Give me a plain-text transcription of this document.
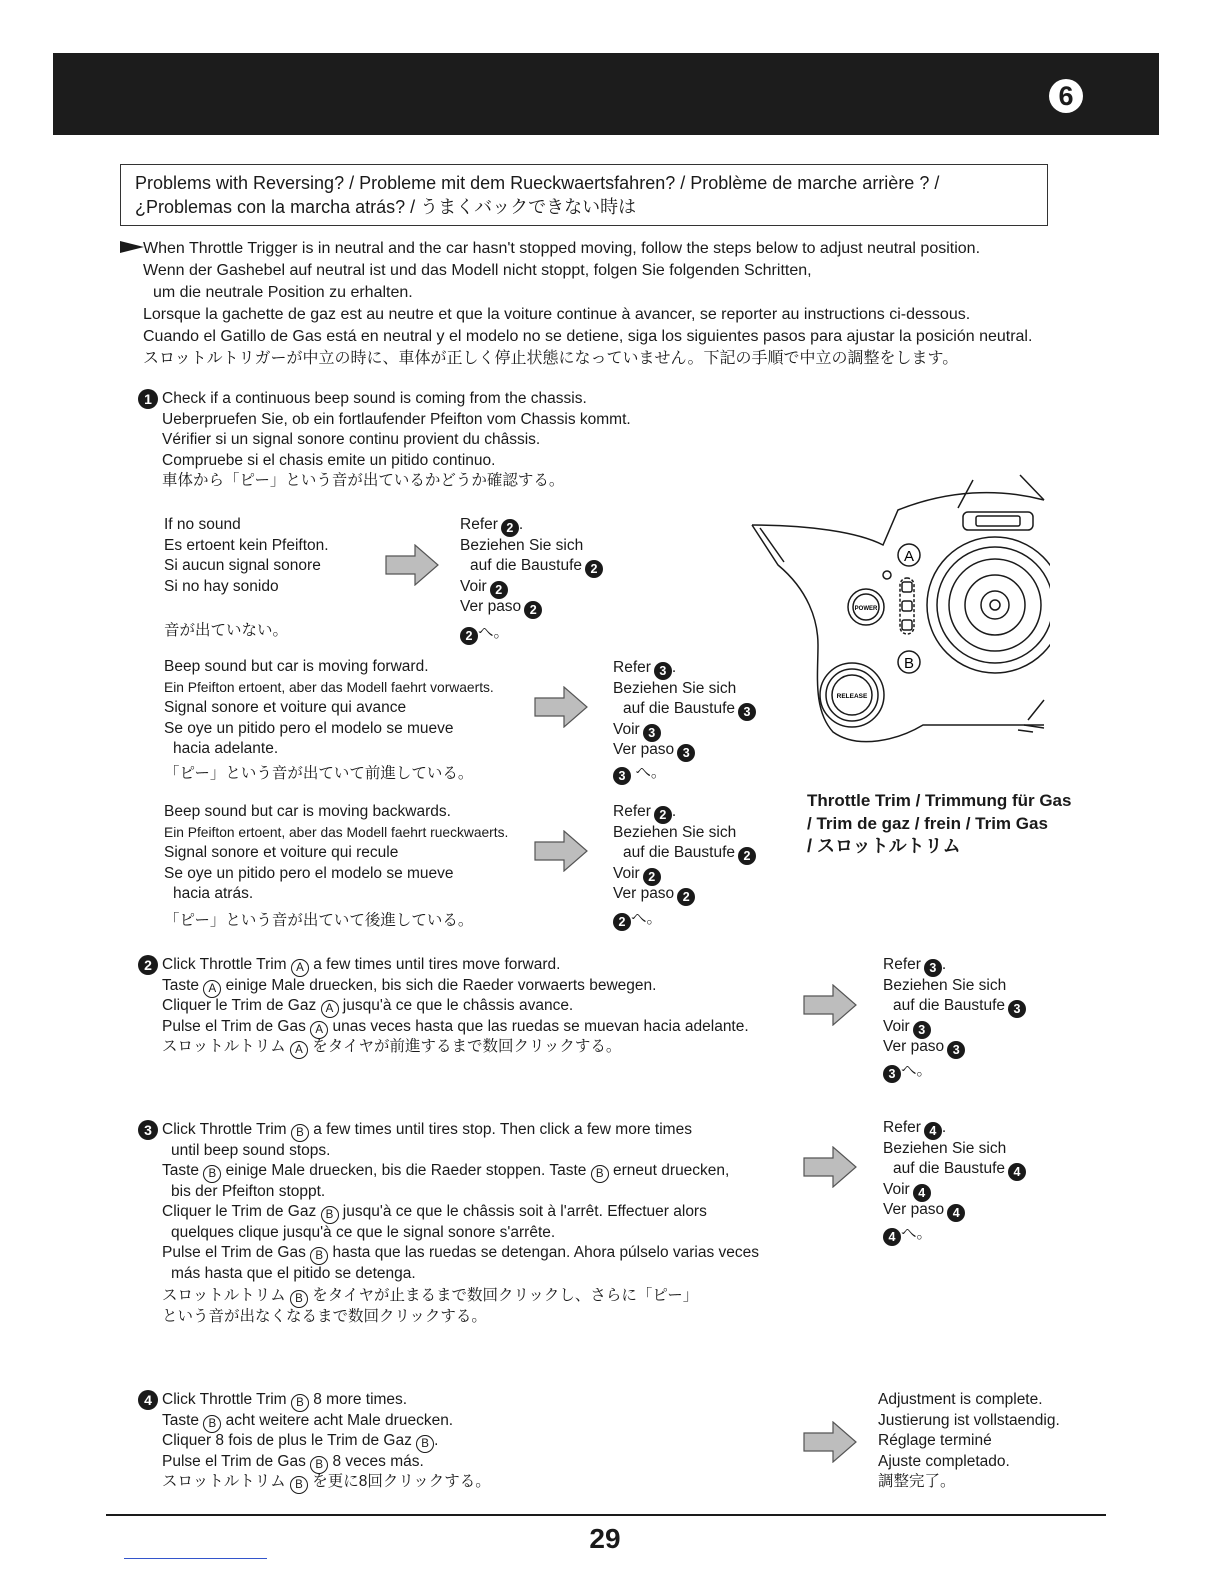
6
Problems with Reversing? / Probleme mit dem Rueckwaertsfahren? / Problème de marche arrière ? /
¿Problemas con la marcha atrás? / うまくバックできない時は
When Throttle Trigger is in neutral and the car hasn't stopped moving, follow the steps below to adjust neutral position.
Wenn der Gashebel auf neutral ist und das Modell nicht stoppt, folgen Sie folgenden Schritten,
um die neutrale Position zu erhalten.
Lorsque la gachette de gaz est au neutre et que la voiture continue à avancer, se reporter au instructions ci-dessous.
Cuando el Gatillo de Gas está en neutral y el modelo no se detiene, siga los siguientes pasos para ajustar la posición neutral.
スロットルトリガーが中立の時に、車体が正しく停止状態になっていません。下記の手順で中立の調整をします。
1 Check if a continuous beep sound is coming from the chassis.
Ueberpruefen Sie, ob ein fortlaufender Pfeifton vom Chassis kommt.
Vérifier si un signal sonore continu provient du châssis.
Compruebe si el chasis emite un pitido continuo.
車体から「ピー」という音が出ているかどうか確認する。
If no sound
Es ertoent kein Pfeifton.
Si aucun signal sonore
Si no hay sonido
音が出ていない。
Refer 2 .
Beziehen Sie sich
auf die Baustufe 2
Voir 2
Ver paso 2
2 へ。
Beep sound but car is moving forward.
Ein Pfeifton ertoent, aber das Modell faehrt vorwaerts.
Signal sonore et voiture qui avance
Se oye un pitido pero el modelo se mueve
hacia adelante.
「ピー」という音が出ていて前進している。
Refer 3 .
Beziehen Sie sich
auf die Baustufe 3
Voir 3
Ver paso 3
3 へ。
Beep sound but car is moving backwards.
Ein Pfeifton ertoent, aber das Modell faehrt rueckwaerts.
Signal sonore et voiture qui recule
Se oye un pitido pero el modelo se mueve
hacia atrás.
「ピー」という音が出ていて後進している。
Refer 2 .
Beziehen Sie sich
auf die Baustufe 2
Voir 2
Ver paso 2
2 へ。
A
B
POWER
RELEASE
Throttle Trim / Trimmung für Gas
/ Trim de gaz / frein / Trim Gas
/ スロットルトリム
2 Click Throttle Trim A a few times until tires move forward.
Taste A einige Male druecken, bis sich die Raeder vorwaerts bewegen.
Cliquer le Trim de Gaz A jusqu'à ce que le châssis avance.
Pulse el Trim de Gas A unas veces hasta que las ruedas se muevan hacia adelante.
スロットルトリム A をタイヤが前進するまで数回クリックする。
Refer 3 .
Beziehen Sie sich
auf die Baustufe 3
Voir 3
Ver paso 3
3 へ。
3 Click Throttle Trim B a few times until tires stop. Then click a few more times
until beep sound stops.
Taste B einige Male druecken, bis die Raeder stoppen. Taste B erneut druecken,
bis der Pfeifton stoppt.
Cliquer le Trim de Gaz B jusqu'à ce que le châssis soit à l'arrêt. Effectuer alors
quelques clique jusqu'à ce que le signal sonore s'arrête.
Pulse el Trim de Gas B hasta que las ruedas se detengan. Ahora púlselo varias veces
más hasta que el pitido se detenga.
スロットルトリム B をタイヤが止まるまで数回クリックし、さらに「ピー」
という音が出なくなるまで数回クリックする。
Refer 4 .
Beziehen Sie sich
auf die Baustufe 4
Voir 4
Ver paso 4
4 へ。
4 Click Throttle Trim B 8 more times.
Taste B acht weitere acht Male druecken.
Cliquer 8 fois de plus le Trim de Gaz B .
Pulse el Trim de Gas B 8 veces más.
スロットルトリム B を更に8回クリックする。
Adjustment is complete.
Justierung ist vollstaendig.
Réglage terminé
Ajuste completado.
調整完了。
29
